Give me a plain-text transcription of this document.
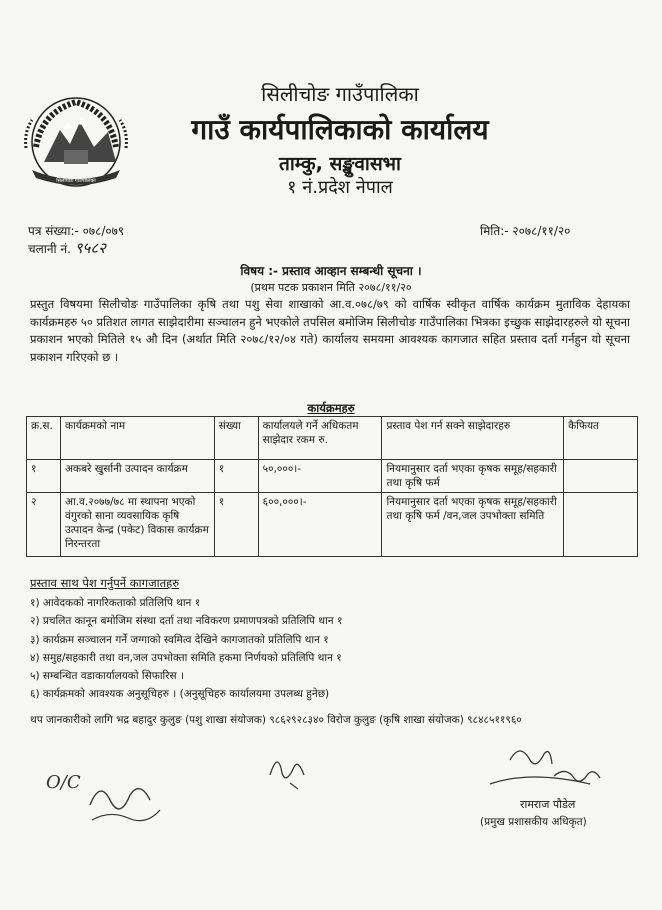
सिलीचोङ गाउँपालिका
सिलीचोङ गाउँपालिका
गाउँ कार्यपालिकाको कार्यालय
ताम्कु, सङ्खुवासभा
१ नं.प्रदेश नेपाल
पत्र संख्या:- ०७८/०७९
चलानी नं. ९५८२
मिति:- २०७८/११/२०
विषय :- प्रस्ताव आव्हान सम्बन्धी सूचना ।
(प्रथम पटक प्रकाशन मिति २०७८/११/२०
प्रस्तुत विषयमा सिलीचोङ गाउँपालिका कृषि तथा पशु सेवा शाखाको आ.व.०७८/७९ को वार्षिक स्वीकृत वार्षिक कार्यक्रम मुताविक देहायका कार्यक्रमहरु ५० प्रतिशत लागत साझेदारीमा सञ्चालन हुने भएकोले तपसिल बमोजिम सिलीचोङ गाउँपालिका भित्रका इच्छुक साझेदारहरुले यो सूचना प्रकाशन भएको मितिले १५ औ दिन (अर्थात मिति २०७८/१२/०४ गते) कार्यालय समयमा आवश्यक कागजात सहित प्रस्ताव दर्ता गर्नहुन यो सूचना प्रकाशन गरिएको छ ।
कार्यक्रमहरु
क्र.स.	कार्यक्रमको नाम	संख्या	कार्यालयले गर्ने अधिकतम साझेदार रकम रु.	प्रस्ताव पेश गर्न सक्ने साझेदारहरु	कैफियत
१	अकबरे खुर्सानी उत्पादन कार्यक्रम	१	५०,०००।-	नियमानुसार दर्ता भएका कृषक समूह/सहकारी तथा कृषि फर्म	
२	आ.व.२०७७/७८ मा स्थापना भएको वंगुरको साना व्यवसायिक कृषि उत्पादन केन्द्र (पकेट) विकास कार्यक्रम निरन्तरता	१	६००,०००।-	नियमानुसार दर्ता भएका कृषक समूह/सहकारी तथा कृषि फर्म /वन,जल उपभोक्ता समिति	
प्रस्ताव साथ पेश गर्नुपर्ने कागजातहरु
१) आवेदकको नागरिकताको प्रतिलिपि थान १
२) प्रचलित कानून बमोजिम संस्था दर्ता तथा नविकरण प्रमाणपत्रको प्रतिलिपि थान १
३) कार्यक्रम सञ्चालन गर्ने जग्गाको स्वमित्व देखिने कागजातको प्रतिलिपि थान १
४) समुह/सहकारी तथा वन,जल उपभोक्ता समिति हकमा निर्णयको प्रतिलिपि थान १
५) सम्बन्धित वडाकार्यालयको सिफारिस ।
६) कार्यक्रमको आवश्यक अनुसूचिहरु । (अनुसूचिहरु कार्यालयमा उपलब्ध हुनेछ)
थप जानकारीको लागि भद्र बहादुर कुलुङ (पशु शाखा संयोजक) ९८६२९२८३४० विरोज कुलुङ (कृषि शाखा संयोजक) ९८४८५११९६०
O/C
रामराज पौडेल
(प्रमुख प्रशासकीय अधिकृत)
